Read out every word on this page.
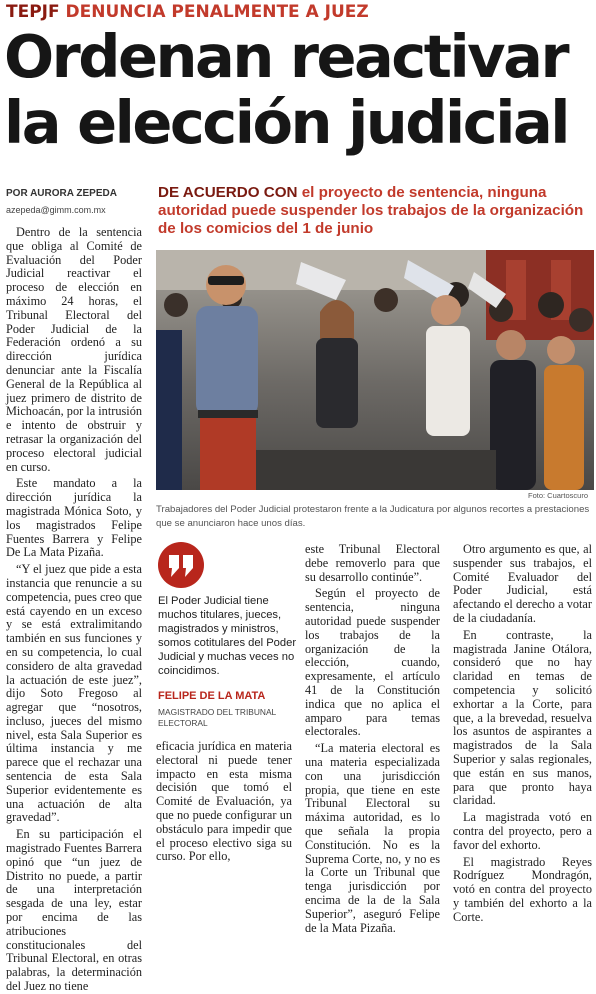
TEPJF DENUNCIA PENALMENTE A JUEZ
Ordenan reactivar la elección judicial
POR AURORA ZEPEDA
azepeda@gimm.com.mx
DE ACUERDO CON el proyecto de sentencia, ninguna autoridad puede suspender los trabajos de la organización de los comicios del 1 de junio

Dentro de la sentencia que obliga al Comité de Evaluación del Poder Judicial reactivar el proceso de elección en máximo 24 horas, el Tribunal Electoral del Poder Judicial de la Federación ordenó a su dirección jurídica denunciar ante la Fiscalía General de la República al juez primero de distrito de Michoacán, por la intrusión e intento de obstruir y retrasar la organización del proceso electoral judicial en curso.

Este mandato a la dirección jurídica la magistrada Mónica Soto, y los magistrados Felipe Fuentes Barrera y Felipe De La Mata Pizaña.

“Y el juez que pide a esta instancia que renuncie a su competencia, pues creo que está cayendo en un exceso y se está extralimitando también en sus funciones y en su competencia, lo cual considero de alta gravedad la actuación de este juez”, dijo Soto Fregoso al agregar que “nosotros, incluso, jueces del mismo nivel, esta Sala Superior es última instancia y me parece que el rechazar una sentencia de esta Sala Superior evidentemente es una actuación de alta gravedad”.

En su participación el magistrado Fuentes Barrera opinó que “un juez de Distrito no puede, a partir de una interpretación sesgada de una ley, estar por encima de las atribuciones constitucionales del Tribunal Electoral, en otras palabras, la determinación del Juez no tiene

Foto: Cuartoscuro
Trabajadores del Poder Judicial protestaron frente a la Judicatura por algunos recortes a prestaciones que se anunciaron hace unos días.
El Poder Judicial tiene muchos titulares, jueces, magistrados y ministros, somos cotitulares del Poder Judicial y muchas veces no coincidimos.
FELIPE DE LA MATA
MAGISTRADO DEL TRIBUNAL ELECTORAL

eficacia jurídica en materia electoral ni puede tener impacto en esta misma decisión que tomó el Comité de Evaluación, ya que no puede configurar un obstáculo para impedir que el proceso electivo siga su curso. Por ello,

este Tribunal Electoral debe removerlo para que su desarrollo continúe”.

Según el proyecto de sentencia, ninguna autoridad puede suspender los trabajos de la organización de la elección, cuando, expresamente, el artículo 41 de la Constitución indica que no aplica el amparo para temas electorales.

“La materia electoral es una materia especializada con una jurisdicción propia, que tiene en este Tribunal Electoral su máxima autoridad, es lo que señala la propia Constitución. No es la Suprema Corte, no, y no es la Corte un Tribunal que tenga jurisdicción por encima de la de la Sala Superior”, aseguró Felipe de la Mata Pizaña.

Otro argumento es que, al suspender sus trabajos, el Comité Evaluador del Poder Judicial, está afectando el derecho a votar de la ciudadanía.

En contraste, la magistrada Janine Otálora, consideró que no hay claridad en temas de competencia y solicitó exhortar a la Corte, para que, a la brevedad, resuelva los asuntos de aspirantes a magistrados de la Sala Superior y salas regionales, que están en sus manos, para que pronto haya claridad.

La magistrada votó en contra del proyecto, pero a favor del exhorto.

El magistrado Reyes Rodríguez Mondragón, votó en contra del proyecto y también del exhorto a la Corte.
